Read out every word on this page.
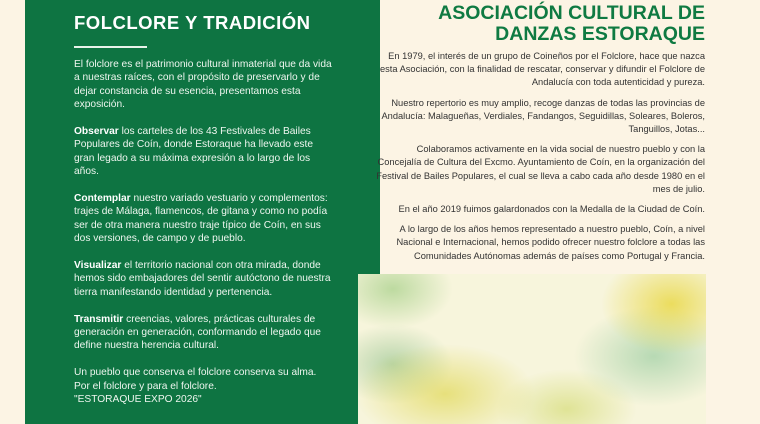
FOLCLORE Y TRADICIÓN

El folclore es el patrimonio cultural inmaterial que da vida a nuestras raíces, con el propósito de preservarlo y de dejar constancia de su esencia, presentamos esta exposición.

Observar los carteles de los 43 Festivales de Bailes Populares de Coín, donde Estoraque ha llevado este gran legado a su máxima expresión a lo largo de los años.

Contemplar nuestro variado vestuario y complementos: trajes de Málaga, flamencos, de gitana y como no podía ser de otra manera nuestro traje típico de Coín, en sus dos versiones, de campo y de pueblo.

Visualizar el territorio nacional con otra mirada, donde hemos sido embajadores del sentir autóctono de nuestra tierra manifestando identidad y pertenencia.

Transmitir creencias, valores, prácticas culturales de generación en generación, conformando el legado que define nuestra herencia cultural.

Un pueblo que conserva el folclore conserva su alma.
Por el folclore y para el folclore.
"ESTORAQUE EXPO 2026"

ASOCIACIÓN CULTURAL DE
DANZAS ESTORAQUE

En 1979, el interés de un grupo de Coineños por el Folclore, hace que nazca esta Asociación, con la finalidad de rescatar, conservar y difundir el Folclore de Andalucía con toda autenticidad y pureza.

Nuestro repertorio es muy amplio, recoge danzas de todas las provincias de Andalucía: Malagueñas, Verdiales, Fandangos, Seguidillas, Soleares, Boleros, Tanguillos, Jotas...

Colaboramos activamente en la vida social de nuestro pueblo y con la Concejalía de Cultura del Excmo. Ayuntamiento de Coín, en la organización del Festival de Bailes Populares, el cual se lleva a cabo cada año desde 1980 en el mes de julio.

En el año 2019 fuimos galardonados con la Medalla de la Ciudad de Coín.

A lo largo de los años hemos representado a nuestro pueblo, Coín, a nivel Nacional e Internacional, hemos podido ofrecer nuestro folclore a todas las Comunidades Autónomas además de países como Portugal y Francia.
